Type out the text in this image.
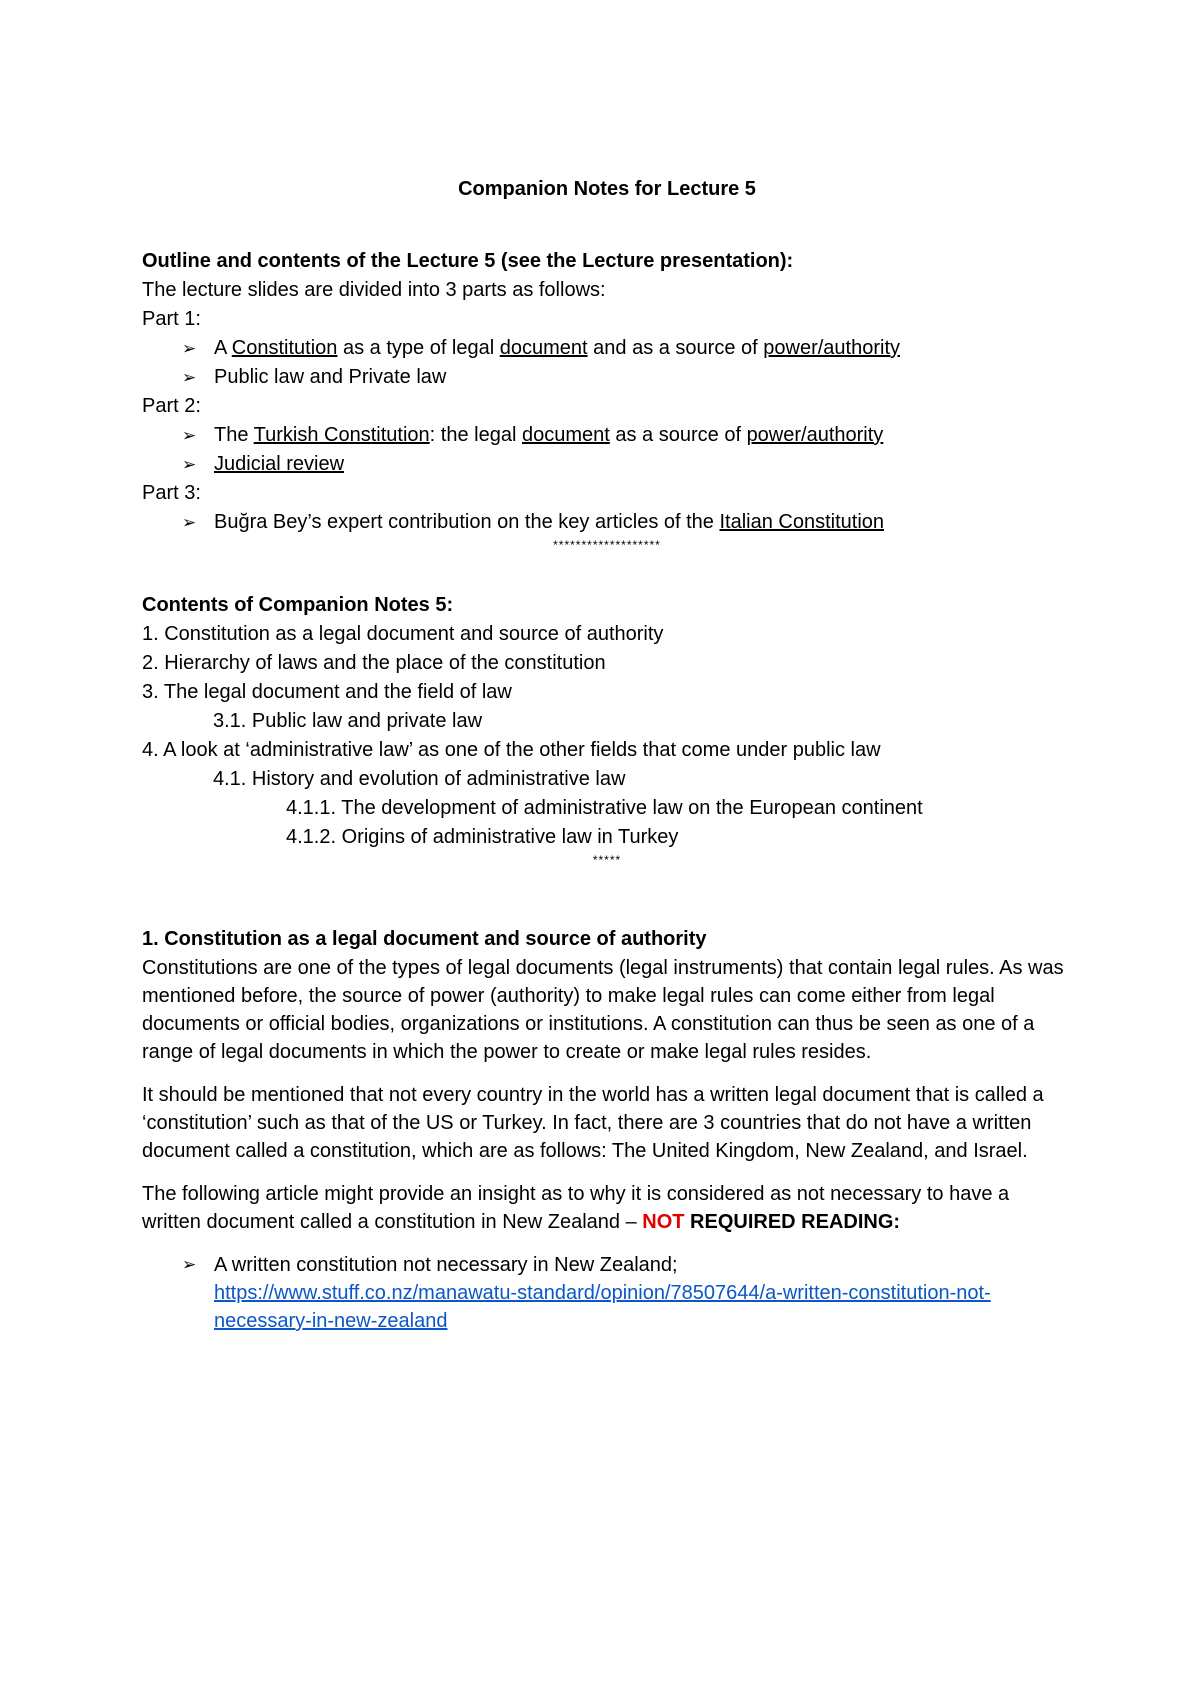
Companion Notes for Lecture 5

Outline and contents of the Lecture 5 (see the Lecture presentation):

The lecture slides are divided into 3 parts as follows:

Part 1:

➢ A Constitution as a type of legal document and as a source of power/authority
➢ Public law and Private law

Part 2:

➢ The Turkish Constitution: the legal document as a source of power/authority
➢ Judicial review

Part 3:

➢ Buğra Bey’s expert contribution on the key articles of the Italian Constitution

*******************

Contents of Companion Notes 5:

1. Constitution as a legal document and source of authority

2. Hierarchy of laws and the place of the constitution

3. The legal document and the field of law

3.1. Public law and private law

4. A look at ‘administrative law’ as one of the other fields that come under public law

4.1. History and evolution of administrative law

4.1.1. The development of administrative law on the European continent

4.1.2. Origins of administrative law in Turkey

*****

1. Constitution as a legal document and source of authority

Constitutions are one of the types of legal documents (legal instruments) that contain legal rules. As was mentioned before, the source of power (authority) to make legal rules can come either from legal documents or official bodies, organizations or institutions. A constitution can thus be seen as one of a range of legal documents in which the power to create or make legal rules resides.

It should be mentioned that not every country in the world has a written legal document that is called a ‘constitution’ such as that of the US or Turkey. In fact, there are 3 countries that do not have a written document called a constitution, which are as follows: The United Kingdom, New Zealand, and Israel.

The following article might provide an insight as to why it is considered as not necessary to have a written document called a constitution in New Zealand – NOT REQUIRED READING:

➢ A written constitution not necessary in New Zealand;
https://www.stuff.co.nz/manawatu-standard/opinion/78507644/a-written-constitution-not-necessary-in-new-zealand
